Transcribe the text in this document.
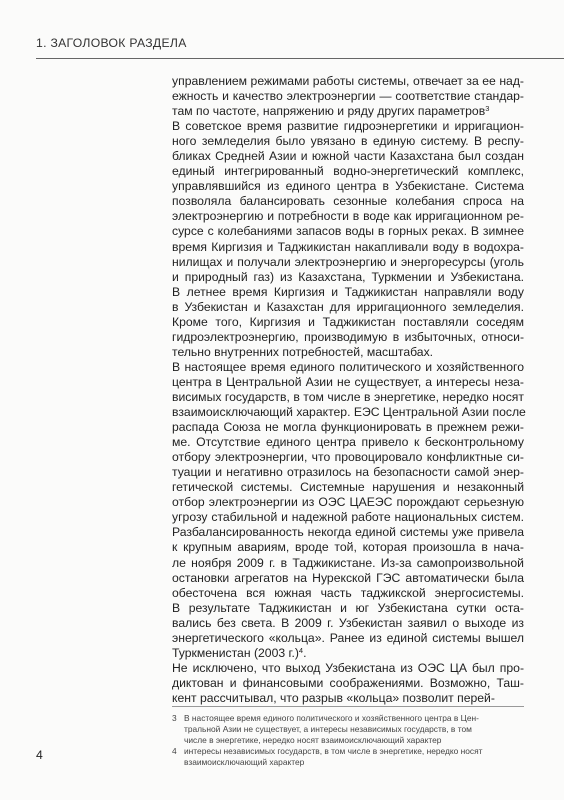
1. ЗАГОЛОВОК РАЗДЕЛА

управлением режимами работы системы, отвечает за ее над-
ежность и качество электроэнергии — соответствие стандар-
там по частоте, напряжению и ряду других параметров$^3$

В советское время развитие гидроэнергетики и ирригацион-
ного земледелия было увязано в единую систему. В респу-
бликах Средней Азии и южной части Казахстана был создан
единый интегрированный водно-энергетический комплекс,
управлявшийся из единого центра в Узбекистане. Система
позволяла балансировать сезонные колебания спроса на
электроэнергию и потребности в воде как ирригационном ре-
сурсе с колебаниями запасов воды в горных реках. В зимнее
время Киргизия и Таджикистан накапливали воду в водохра-
нилищах и получали электроэнергию и энергоресурсы (уголь
и природный газ) из Казахстана, Туркмении и Узбекистана.
В летнее время Киргизия и Таджикистан направляли воду
в Узбекистан и Казахстан для ирригационного земледелия.
Кроме того, Киргизия и Таджикистан поставляли соседям
гидроэлектроэнергию, производимую в избыточных, относи-
тельно внутренних потребностей, масштабах.

В настоящее время единого политического и хозяйственного
центра в Центральной Азии не существует, а интересы неза-
висимых государств, в том числе в энергетике, нередко носят
взаимоисключающий характер. ЕЭС Центральной Азии после
распада Союза не могла функционировать в прежнем режи-
ме. Отсутствие единого центра привело к бесконтрольному
отбору электроэнергии, что провоцировало конфликтные си-
туации и негативно отразилось на безопасности самой энер-
гетической системы. Системные нарушения и незаконный
отбор электроэнергии из ОЭС ЦАЕЭС порождают серьезную
угрозу стабильной и надежной работе национальных систем.
Разбалансированность некогда единой системы уже привела
к крупным авариям, вроде той, которая произошла в нача-
ле ноября 2009 г. в Таджикистане. Из-за самопроизвольной
остановки агрегатов на Нурекской ГЭС автоматически была
обесточена вся южная часть таджикской энергосистемы.
В результате Таджикистан и юг Узбекистана сутки оста-
вались без света. В 2009 г. Узбекистан заявил о выходе из
энергетического «кольца». Ранее из единой системы вышел
Туркменистан (2003 г.)$^4$.

Не исключено, что выход Узбекистана из ОЭС ЦА был про-
диктован и финансовыми соображениями. Возможно, Таш-
кент рассчитывал, что разрыв «кольца» позволит перей-

3 В настоящее время единого политического и хозяйственного центра в Цен-
тральной Азии не существует, а интересы независимых государств, в том
числе в энергетике, нередко носят взаимоисключающий характер
4 интересы независимых государств, в том числе в энергетике, нередко носят
взаимоисключающий характер
4
